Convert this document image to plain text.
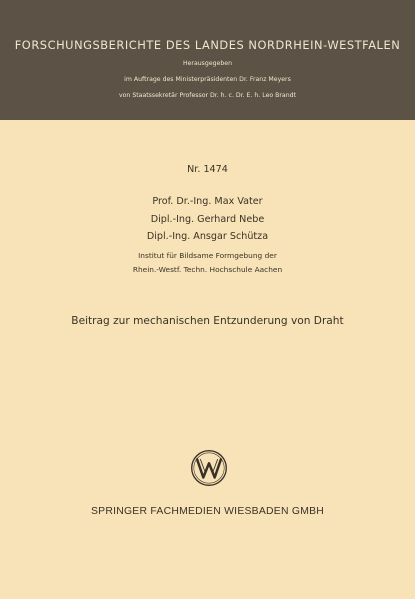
FORSCHUNGSBERICHTE DES LANDES NORDRHEIN-WESTFALEN
Herausgegeben
im Auftrage des Ministerpräsidenten Dr. Franz Meyers
von Staatssekretär Professor Dr. h. c. Dr. E. h. Leo Brandt
Nr. 1474
Prof. Dr.-Ing. Max Vater
Dipl.-Ing. Gerhard Nebe
Dipl.-Ing. Ansgar Schütza
Institut für Bildsame Formgebung der
Rhein.-Westf. Techn. Hochschule Aachen
Beitrag zur mechanischen Entzunderung von Draht
SPRINGER FACHMEDIEN WIESBADEN GMBH
